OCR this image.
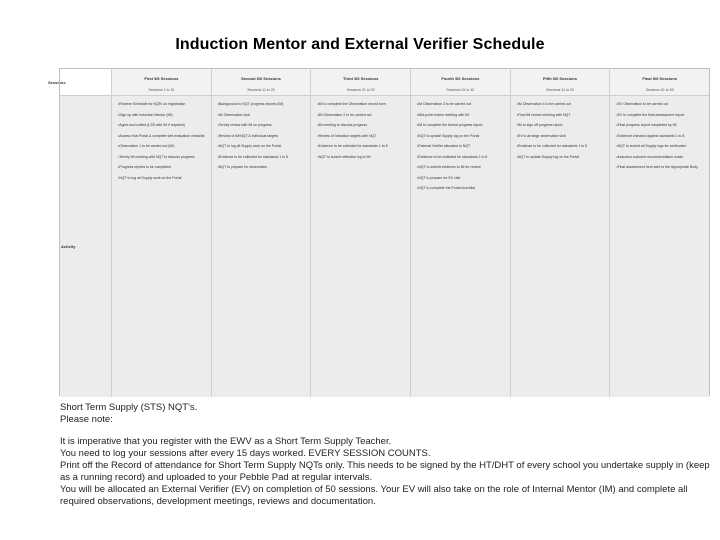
Induction Mentor and External Verifier Schedule
Sessions
First 5/6 Sessions
Sessions 1 to 10
• Receive Schedule for NQTs on registration
• Sign up with Induction Mentor (IM)
• Agree and collect (LSS with IM if required)
• Access Hub Portal & complete self-evaluation checklist
• Observation 1 to be carried out (IM)
• Termly IM meeting with NQT to discuss progress
• Progress reports to be completed
• NQT to log all Supply work on the Portal
Second 5/6 Sessions
Sessions 11 to 20
• Background to NQT progress reports (IM)
• IM Observation visit
• Termly review with IM on progress
• Review of IM/NQT & individual targets
• NQT to log all Supply work on the Portal
• Evidence to be collected for standards 1 to 8
• NQT to prepare for observation
Third 5/6 Sessions
Sessions 21 to 30
• IM to complete the Observation record form
• IM Observation 2 to be carried out
• IM meeting to discuss progress
• Review of Induction targets with NQT
• Evidence to be collected for standards 1 to 8
• NQT to submit reflective log to IM
Fourth 5/6 Sessions
Sessions 31 to 40
• IM Observation 3 to be carried out
• Mid-point review meeting with IM
• IM to complete the formal progress report
• NQT to update Supply log on the Portal
• External Verifier allocated to NQT
• Evidence to be collected for standards 1 to 8
• NQT to submit evidence to IM for review
• NQT to prepare for EV visit
• NQT to complete the Portal checklist
Fifth 5/6 Sessions
Sessions 41 to 50
• IM Observation 4 to be carried out
• Final IM review meeting with NQT
• IM to sign off progress report
• EV to arrange observation visit
• Evidence to be collected for standards 1 to 8
• NQT to update Supply log on the Portal
Final 5/6 Sessions
Sessions 51 to 55
• EV Observation to be carried out
• EV to complete the final assessment report
• Final progress report completed by IM
• Evidence checked against standards 1 to 8
• NQT to submit all Supply logs for verification
• Induction outcome recommendation made
• Final assessment form sent to the Appropriate Body
Activity

Short Term Supply (STS) NQT's.

Please note:

It is imperative that you register with the EWV as a Short Term Supply Teacher.

You need to log your sessions after every 15 days worked. EVERY SESSION COUNTS.

Print off the Record of attendance for Short Term Supply NQTs only. This needs to be signed by the HT/DHT of every school you undertake supply in (keep as a running record) and uploaded to your Pebble Pad at regular intervals.

You will be allocated an External Verifier (EV) on completion of 50 sessions. Your EV will also take on the role of Internal Mentor (IM) and complete all required observations, development meetings, reviews and documentation.
